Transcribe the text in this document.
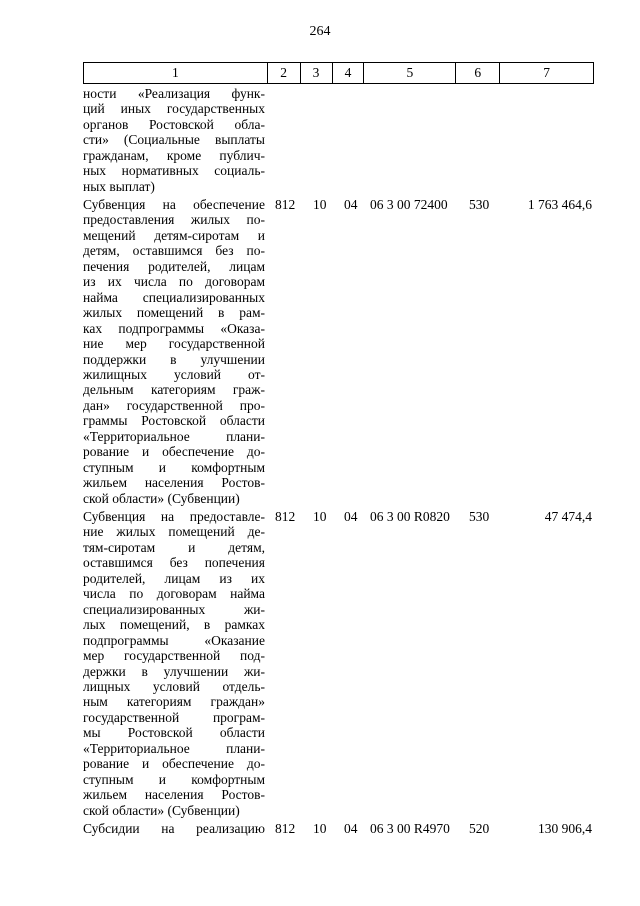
264
1	2	3	4	5	6	7
ности «Реализация функ-
ций иных государственных
органов Ростовской обла-
сти» (Социальные выплаты
гражданам, кроме публич-
ных нормативных социаль-
ных выплат)
Субвенция на обеспечение
предоставления жилых по-
мещений детям-сиротам и
детям, оставшимся без по-
печения родителей, лицам
из их числа по договорам
найма специализированных
жилых помещений в рам-
ках подпрограммы «Оказа-
ние мер государственной
поддержки в улучшении
жилищных условий от-
дельным категориям граж-
дан» государственной про-
граммы Ростовской области
«Территориальное плани-
рование и обеспечение до-
ступным и комфортным
жильем населения Ростов-
ской области» (Субвенции)
812	10	04 06 3 00 72400	530	1 763 464,6
Субвенция на предоставле-
ние жилых помещений де-
тям-сиротам и детям,
оставшимся без попечения
родителей, лицам из их
числа по договорам найма
специализированных жи-
лых помещений, в рамках
подпрограммы «Оказание
мер государственной под-
держки в улучшении жи-
лищных условий отдель-
ным категориям граждан»
государственной програм-
мы Ростовской области
«Территориальное плани-
рование и обеспечение до-
ступным и комфортным
жильем населения Ростов-
ской области» (Субвенции)
812	10	04 06 3 00 R0820	530	47 474,4
Субсидии на реализацию 812	10	04 06 3 00 R4970	520	130 906,4
